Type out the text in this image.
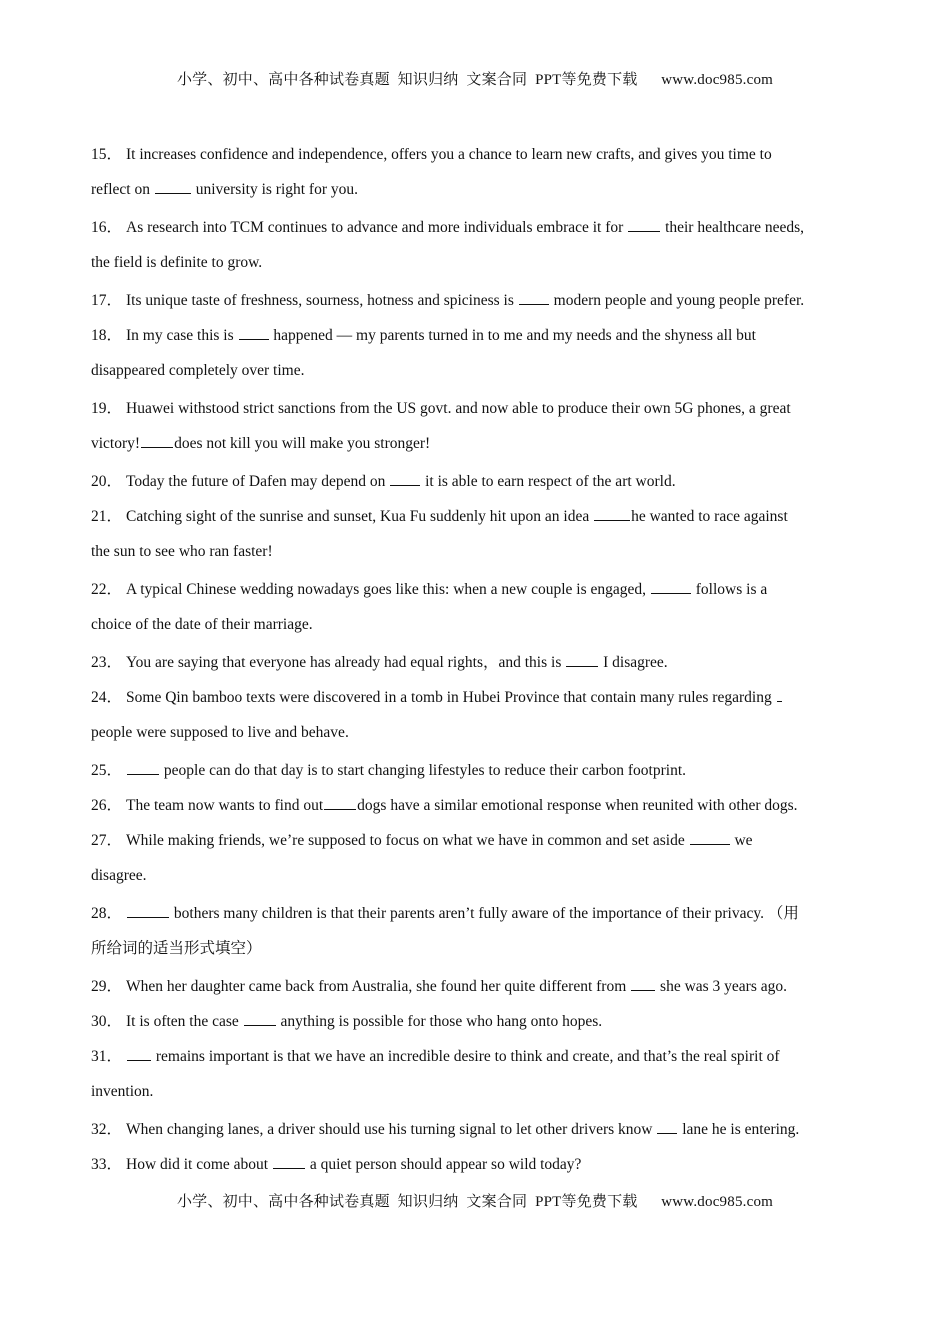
小学、初中、高中各种试卷真题  知识归纳  文案合同  PPT等免费下载      www.doc985.com
15． It increases confidence and independence, offers you a chance to learn new crafts, and gives you time to
reflect on  university is right for you.
16． As research into TCM continues to advance and more individuals embrace it for  their healthcare needs,
the field is definite to grow.
17． Its unique taste of freshness, sourness, hotness and spiciness is  modern people and young people prefer.
18． In my case this is  happened — my parents turned in to me and my needs and the shyness all but
disappeared completely over time.
19． Huawei withstood strict sanctions from the US govt. and now able to produce their own 5G phones, a great
victory! does not kill you will make you stronger!
20． Today the future of Dafen may depend on  it is able to earn respect of the art world.
21． Catching sight of the sunrise and sunset, Kua Fu suddenly hit upon an idea he wanted to race against
the sun to see who ran faster!
22． A typical Chinese wedding nowadays goes like this: when a new couple is engaged,	follows is a
choice of the date of their marriage.
23． You are saying that everyone has already had equal rights，and this is  I disagree.
24． Some Qin bamboo texts were discovered in a tomb in Hubei Province that contain many rules regarding
people were supposed to live and behave.
25． people can do that day is to start changing lifestyles to reduce their carbon footprint.
26． The team now wants to find out dogs have a similar emotional response when reunited with other dogs.
27． While making friends, we’re supposed to focus on what we have in common and set aside	we
disagree.
28．	bothers many children is that their parents aren’t fully aware of the importance of their privacy. （用
所给词的适当形式填空）
29． When her daughter came back from Australia, she found her quite different from  she was 3 years ago.
30． It is often the case  anything is possible for those who hang onto hopes.
31． remains important is that we have an incredible desire to think and create, and that’s the real spirit of
invention.
32． When changing lanes, a driver should use his turning signal to let other drivers know  lane he is entering.
33． How did it come about  a quiet person should appear so wild today?
小学、初中、高中各种试卷真题  知识归纳  文案合同  PPT等免费下载      www.doc985.com
